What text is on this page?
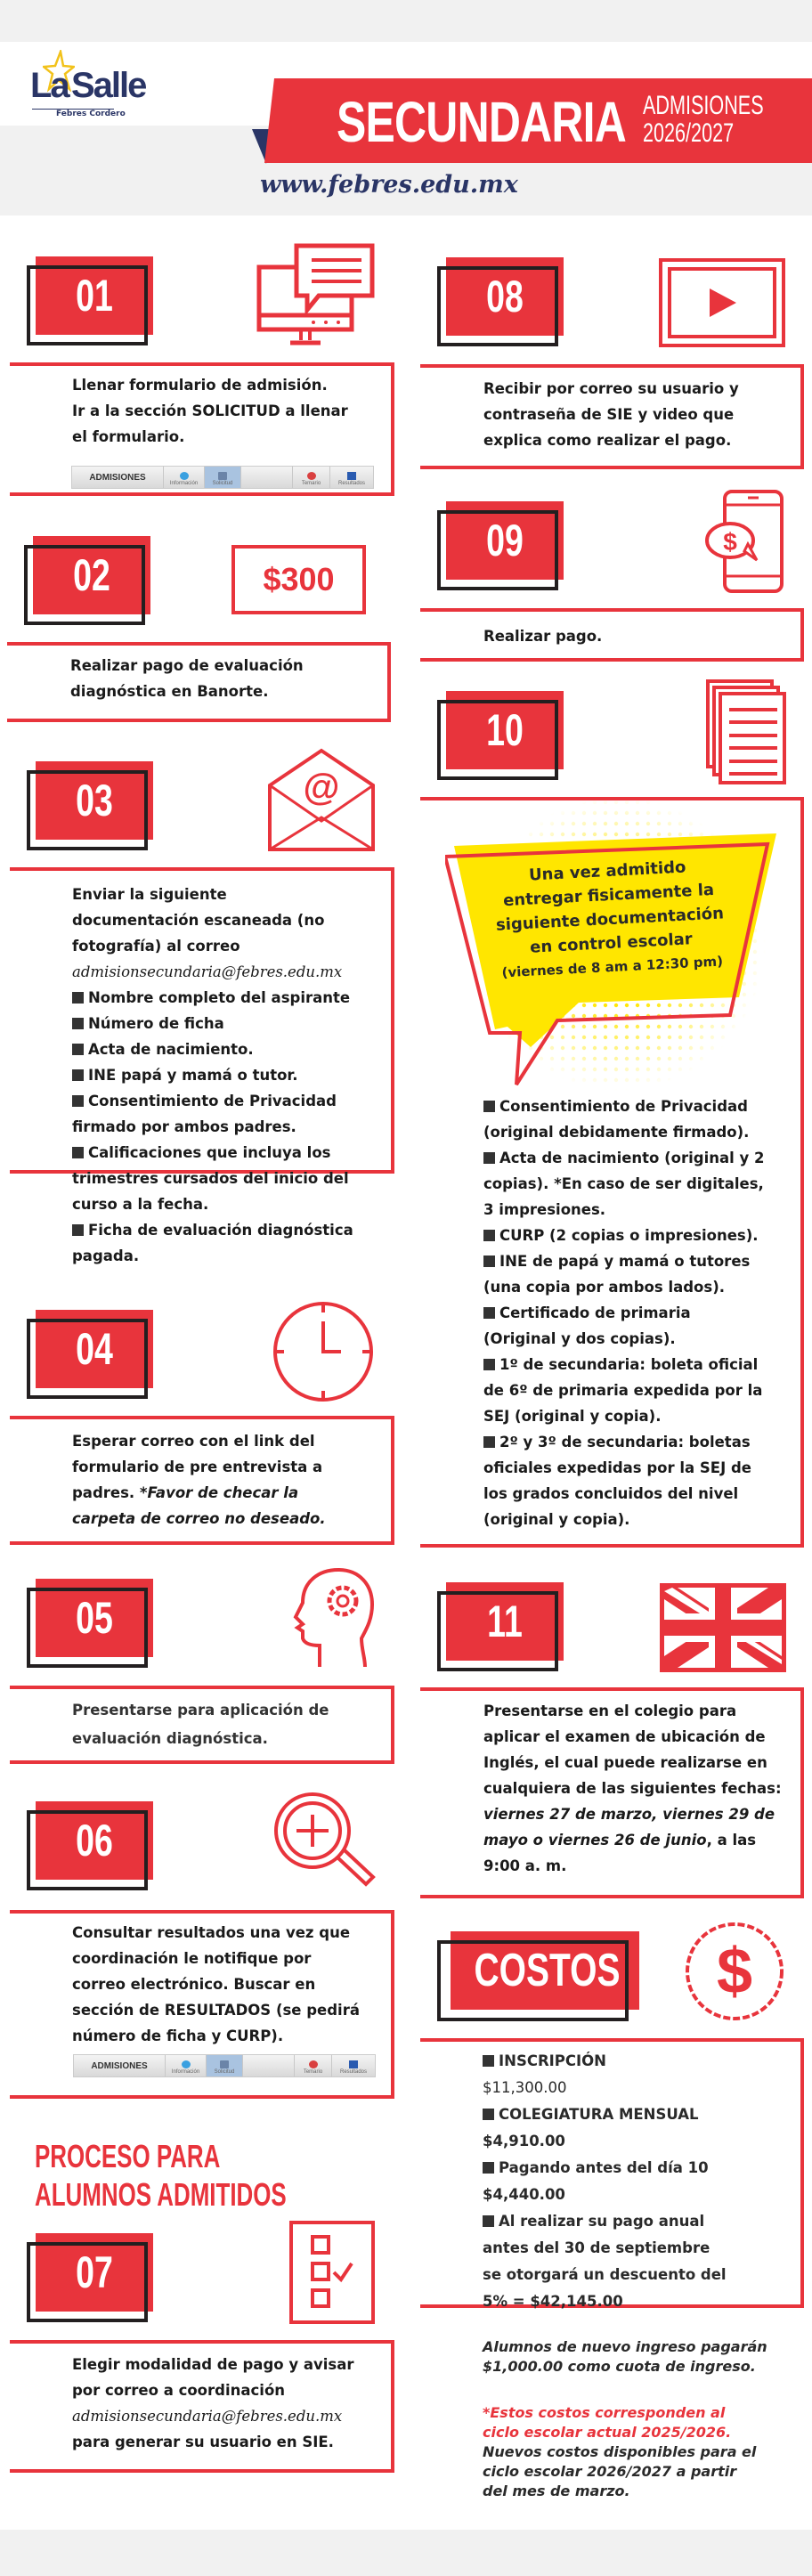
La Salle
Febres Cordero	SECUNDARIA ADMISIONES
2026/2027
www.febres.edu.mx
01
Llenar formulario de admisión.
Ir a la sección SOLICITUD a llenar
el formulario.
ADMISIONES
Información	Solicitud	Temario	Resultados
02	$300
Realizar pago de evaluación
diagnóstica en Banorte.
03	@
Enviar la siguiente
documentación escaneada (no
fotografía) al correo
admisionsecundaria@febres.edu.mx
Nombre completo del aspirante
Número de ficha
Acta de nacimiento.
INE papá y mamá o tutor.
Consentimiento de Privacidad
firmado por ambos padres.
Calificaciones que incluya los
trimestres cursados del inicio del
curso a la fecha.
Ficha de evaluación diagnóstica
pagada.
04
Esperar correo con el link del
formulario de pre entrevista a
padres. *Favor de checar la
carpeta de correo no deseado.
05
Presentarse para aplicación de
evaluación diagnóstica.
06
Consultar resultados una vez que
coordinación le notifique por
correo electrónico. Buscar en
sección de RESULTADOS (se pedirá
número de ficha y CURP).
ADMISIONES
Información	Solicitud	Temario	Resultados
PROCESO PARA
ALUMNOS ADMITIDOS
07
Elegir modalidad de pago y avisar
por correo a coordinación
admisionsecundaria@febres.edu.mx
para generar su usuario en SIE.
08
Recibir por correo su usuario y
contraseña de SIE y video que
explica como realizar el pago.
09	$
Realizar pago.
10
Una vez admitido
entregar fisicamente la
siguiente documentación
en control escolar
(viernes de 8 am a 12:30 pm)
Consentimiento de Privacidad
(original debidamente firmado).
Acta de nacimiento (original y 2
copias). *En caso de ser digitales,
3 impresiones.
CURP (2 copias o impresiones).
INE de papá y mamá o tutores
(una copia por ambos lados).
Certificado de primaria
(Original y dos copias).
1º de secundaria: boleta oficial
de 6º de primaria expedida por la
SEJ (original y copia).
2º y 3º de secundaria: boletas
oficiales expedidas por la SEJ de
los grados concluidos del nivel
(original y copia).
11
Presentarse en el colegio para
aplicar el examen de ubicación de
Inglés, el cual puede realizarse en
cualquiera de las siguientes fechas:
viernes 27 de marzo, viernes 29 de
mayo o viernes 26 de junio, a las
9:00 a. m.
COSTOS $
INSCRIPCIÓN
$11,300.00
COLEGIATURA MENSUAL
$4,910.00
Pagando antes del día 10
$4,440.00
Al realizar su pago anual
antes del 30 de septiembre
se otorgará un descuento del
5% = $42,145.00
Alumnos de nuevo ingreso pagarán
$1,000.00 como cuota de ingreso.
*Estos costos corresponden al
ciclo escolar actual 2025/2026.
Nuevos costos disponibles para el
ciclo escolar 2026/2027 a partir
del mes de marzo.
